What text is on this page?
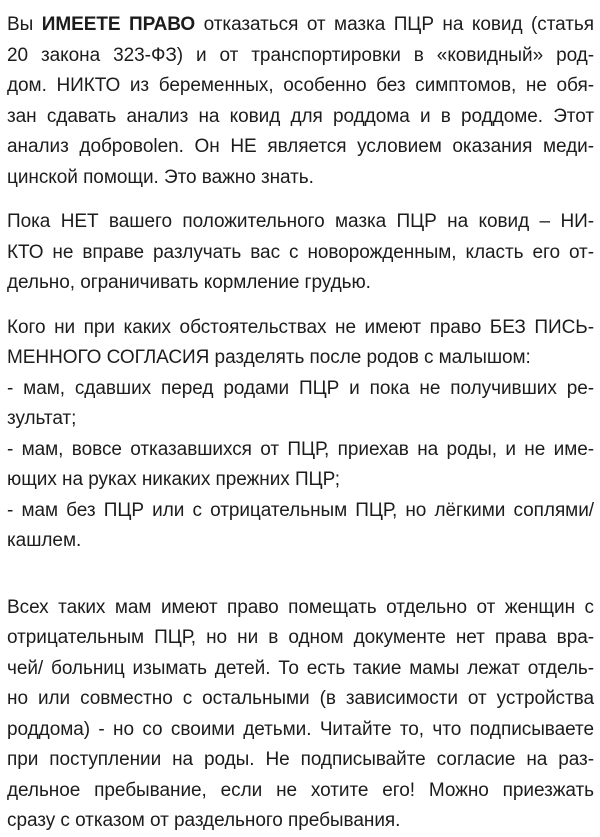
Вы ИМЕЕТЕ ПРАВО отказаться от мазка ПЦР на ковид (статья
20 закона 323-ФЗ) и от транспортировки в «ковидный» род-
дом. НИКТО из беременных, особенно без симптомов, не обя-
зан сдавать анализ на ковид для роддома и в роддоме. Этот
анализ добровolen. Он НЕ является условием оказания меди-
цинской помощи. Это важно знать.
Пока НЕТ вашего положительного мазка ПЦР на ковид – НИ-
КТО не вправе разлучать вас с новорожденным, класть его от-
дельно, ограничивать кормление грудью.
Кого ни при каких обстоятельствах не имеют право БЕЗ ПИСЬ-
МЕННОГО СОГЛАСИЯ разделять после родов с малышом:
- мам, сдавших перед родами ПЦР и пока не получивших ре-
зультат;
- мам, вовсе отказавшихся от ПЦР, приехав на роды, и не име-
ющих на руках никаких прежних ПЦР;
- мам без ПЦР или с отрицательным ПЦР, но лёгкими соплями/
кашлем.
Всех таких мам имеют право помещать отдельно от женщин с
отрицательным ПЦР, но ни в одном документе нет права вра-
чей/ больниц изымать детей. То есть такие мамы лежат отдель-
но или совместно с остальными (в зависимости от устройства
роддома) - но со своими детьми. Читайте то, что подписываете
при поступлении на роды. Не подписывайте согласие на раз-
дельное пребывание, если не хотите его! Можно приезжать
сразу с отказом от раздельного пребывания.
